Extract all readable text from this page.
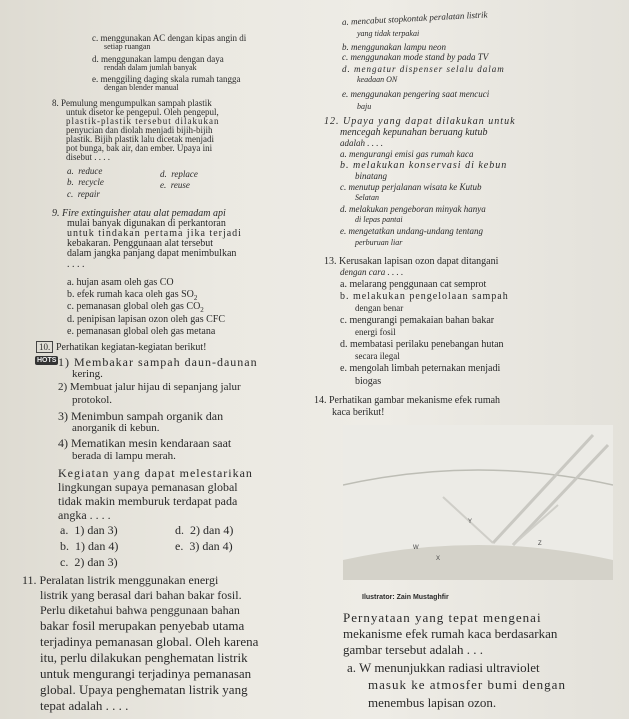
c. menggunakan AC dengan kipas angin di
setiap ruangan
d. menggunakan lampu dengan daya
rendah dalam jumlah banyak
e. menggiling daging skala rumah tangga
dengan blender manual
8. Pemulung mengumpulkan sampah plastik
untuk disetor ke pengepul. Oleh pengepul,
plastik-plastik tersebut dilakukan
penyucian dan diolah menjadi bijih-bijih
plastik. Bijih plastik lalu dicetak menjadi
pot bunga, bak air, dan ember. Upaya ini
disebut . . . .
a. reduce
b. recycle
c. repair
d. replace
e. reuse
9. Fire extinguisher atau alat pemadam api
mulai banyak digunakan di perkantoran
untuk tindakan pertama jika terjadi
kebakaran. Penggunaan alat tersebut
dalam jangka panjang dapat menimbulkan
. . . .
a. hujan asam oleh gas CO
b. efek rumah kaca oleh gas $SO_2$
c. pemanasan global oleh gas $CO_2$
d. penipisan lapisan ozon oleh gas CFC
e. pemanasan global oleh gas metana
10. Perhatikan kegiatan-kegiatan berikut!
HOTS 1) Membakar sampah daun-daunan
kering.
2) Membuat jalur hijau di sepanjang jalur
protokol.
3) Menimbun sampah organik dan
anorganik di kebun.
4) Mematikan mesin kendaraan saat
berada di lampu merah.
Kegiatan yang dapat melestarikan
lingkungan supaya pemanasan global
tidak makin memburuk terdapat pada
angka . . . .
a. 1) dan 3)
b. 1) dan 4)
c. 2) dan 3)
d. 2) dan 4)
e. 3) dan 4)
11. Peralatan listrik menggunakan energi
listrik yang berasal dari bahan bakar fosil.
Perlu diketahui bahwa penggunaan bahan
bakar fosil merupakan penyebab utama
terjadinya pemanasan global. Oleh karena
itu, perlu dilakukan penghematan listrik
untuk mengurangi terjadinya pemanasan
global. Upaya penghematan listrik yang
tepat adalah . . . .
a. mencabut stopkontak peralatan listrik
yang tidak terpakai
b. menggunakan lampu neon
c. menggunakan mode stand by pada TV
d. mengatur dispenser selalu dalam
keadaan ON
e. menggunakan pengering saat mencuci
baju
12. Upaya yang dapat dilakukan untuk
mencegah kepunahan beruang kutub
adalah . . . .
a. mengurangi emisi gas rumah kaca
b. melakukan konservasi di kebun
binatang
c. menutup perjalanan wisata ke Kutub
Selatan
d. melakukan pengeboran minyak hanya
di lepas pantai
e. mengetatkan undang-undang tentang
perburuan liar
13. Kerusakan lapisan ozon dapat ditangani
dengan cara . . . .
a. melarang penggunaan cat semprot
b. melakukan pengelolaan sampah
dengan benar
c. mengurangi pemakaian bahan bakar
energi fosil
d. membatasi perilaku penebangan hutan
secara ilegal
e. mengolah limbah peternakan menjadi
biogas
14. Perhatikan gambar mekanisme efek rumah
kaca berikut!
Y
W
X
Z
Ilustrator: Zain Mustaghfir
Pernyataan yang tepat mengenai
mekanisme efek rumah kaca berdasarkan
gambar tersebut adalah . . .
a. W menunjukkan radiasi ultraviolet
masuk ke atmosfer bumi dengan
menembus lapisan ozon.
